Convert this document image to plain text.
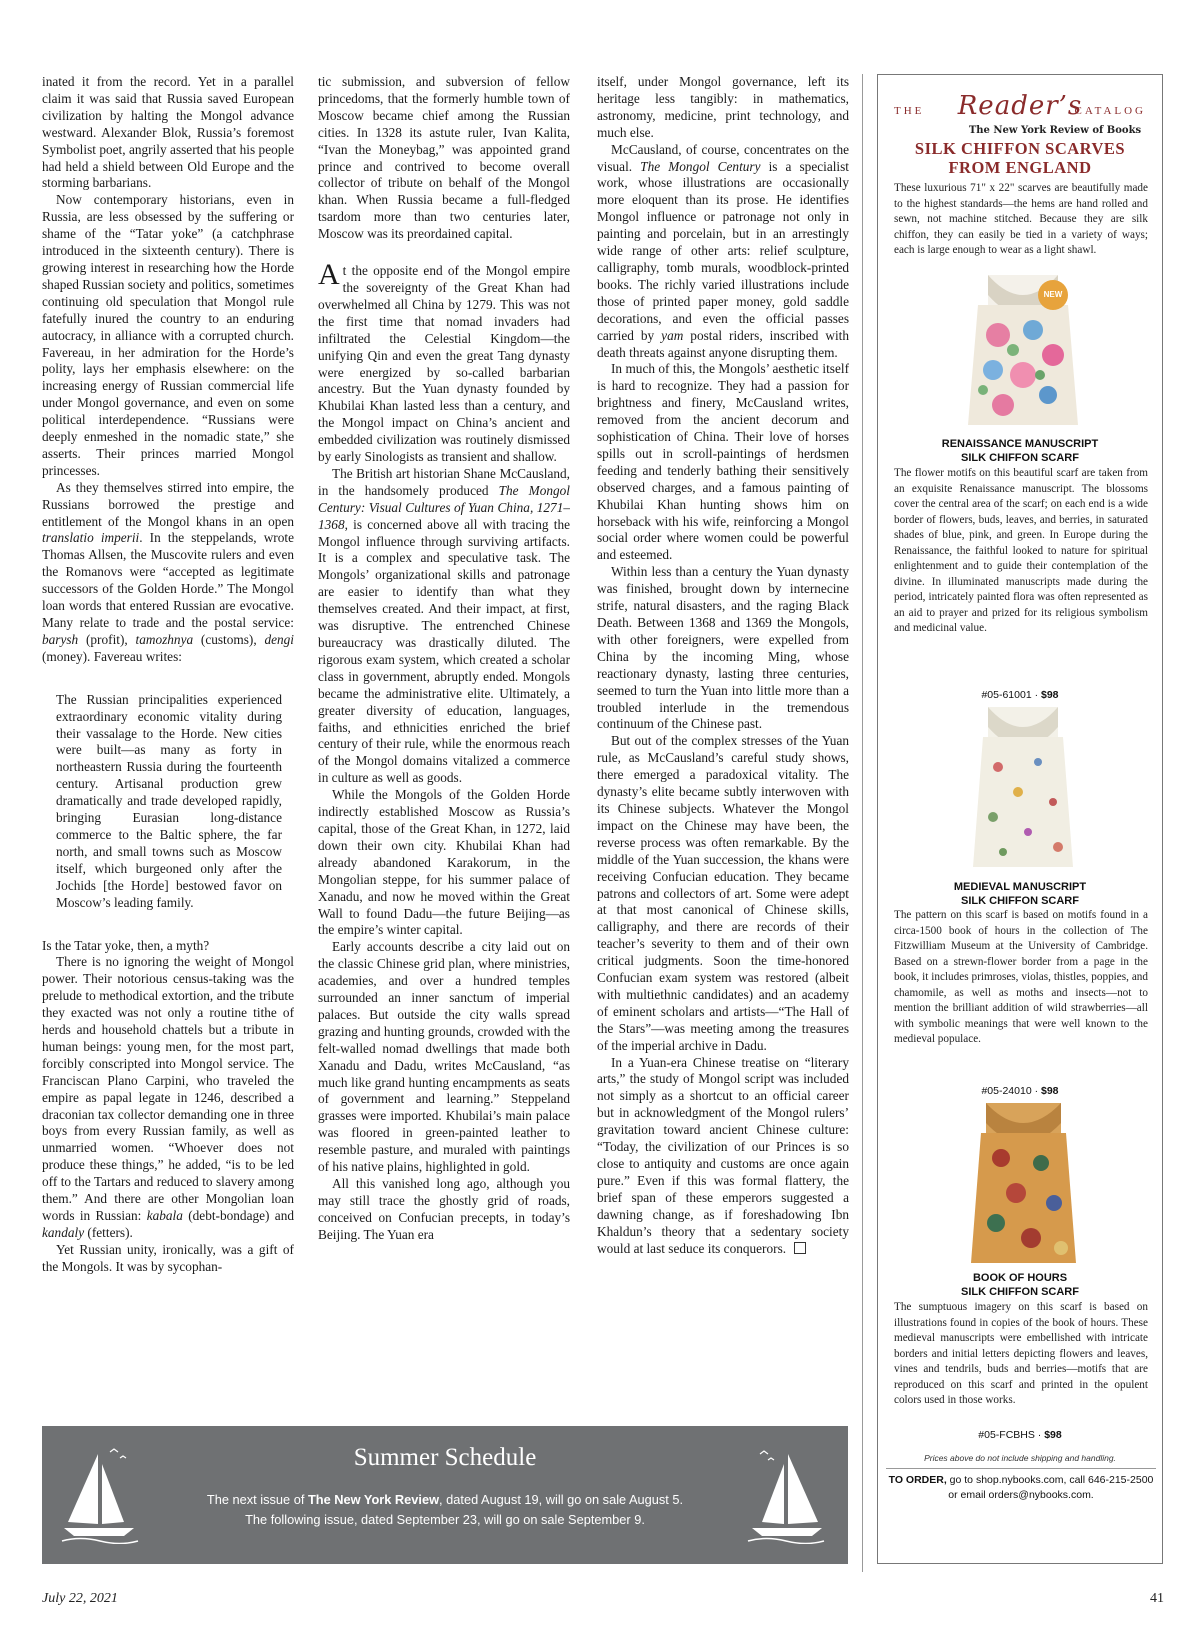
inated it from the record. Yet in a parallel claim it was said that Russia saved European civilization by halting the Mongol advance westward. Alexander Blok, Russia’s foremost Symbolist poet, angrily asserted that his people had held a shield between Old Europe and the storming barbarians.

Now contemporary historians, even in Russia, are less obsessed by the suffering or shame of the “Tatar yoke” (a catchphrase introduced in the sixteenth century). There is growing interest in researching how the Horde shaped Russian society and politics, sometimes continuing old speculation that Mongol rule fatefully inured the country to an enduring autocracy, in alliance with a corrupted church. Favereau, in her admiration for the Horde’s polity, lays her emphasis elsewhere: on the increasing energy of Russian commercial life under Mongol governance, and even on some political interdependence. “Russians were deeply enmeshed in the nomadic state,” she asserts. Their princes married Mongol princesses.

As they themselves stirred into empire, the Russians borrowed the prestige and entitlement of the Mongol khans in an open translatio imperii. In the steppelands, wrote Thomas Allsen, the Muscovite rulers and even the Romanovs were “accepted as legitimate successors of the Golden Horde.” The Mongol loan words that entered Russian are evocative. Many relate to trade and the postal service: barysh (profit), tamozhnya (customs), dengi (money). Favereau writes:

The Russian principalities experienced extraordinary economic vitality during their vassalage to the Horde. New cities were built—as many as forty in northeastern Russia during the fourteenth century. Artisanal production grew dramatically and trade developed rapidly, bringing Eurasian long-distance commerce to the Baltic sphere, the far north, and small towns such as Moscow itself, which burgeoned only after the Jochids [the Horde] bestowed favor on Moscow’s leading family.

Is the Tatar yoke, then, a myth?

There is no ignoring the weight of Mongol power. Their notorious census-taking was the prelude to methodical extortion, and the tribute they exacted was not only a routine tithe of herds and household chattels but a tribute in human beings: young men, for the most part, forcibly conscripted into Mongol service. The Franciscan Plano Carpini, who traveled the empire as papal legate in 1246, described a draconian tax collector demanding one in three boys from every Russian family, as well as unmarried women. “Whoever does not produce these things,” he added, “is to be led off to the Tartars and reduced to slavery among them.” And there are other Mongolian loan words in Russian: kabala (debt-bondage) and kandaly (fetters).

Yet Russian unity, ironically, was a gift of the Mongols. It was by sycophan-

tic submission, and subversion of fellow princedoms, that the formerly humble town of Moscow became chief among the Russian cities. In 1328 its astute ruler, Ivan Kalita, “Ivan the Moneybag,” was appointed grand prince and contrived to become overall collector of tribute on behalf of the Mongol khan. When Russia became a full-fledged tsardom more than two centuries later, Moscow was its preordained capital.

At the opposite end of the Mongol empire the sovereignty of the Great Khan had overwhelmed all China by 1279. This was not the first time that nomad invaders had infiltrated the Celestial Kingdom—the unifying Qin and even the great Tang dynasty were energized by so-called barbarian ancestry. But the Yuan dynasty founded by Khubilai Khan lasted less than a century, and the Mongol impact on China’s ancient and embedded civilization was routinely dismissed by early Sinologists as transient and shallow.

The British art historian Shane McCausland, in the handsomely produced The Mongol Century: Visual Cultures of Yuan China, 1271–1368, is concerned above all with tracing the Mongol influence through surviving artifacts. It is a complex and speculative task. The Mongols’ organizational skills and patronage are easier to identify than what they themselves created. And their impact, at first, was disruptive. The entrenched Chinese bureaucracy was drastically diluted. The rigorous exam system, which created a scholar class in government, abruptly ended. Mongols became the administrative elite. Ultimately, a greater diversity of education, languages, faiths, and ethnicities enriched the brief century of their rule, while the enormous reach of the Mongol domains vitalized a commerce in culture as well as goods.

While the Mongols of the Golden Horde indirectly established Moscow as Russia’s capital, those of the Great Khan, in 1272, laid down their own city. Khubilai Khan had already abandoned Karakorum, in the Mongolian steppe, for his summer palace of Xanadu, and now he moved within the Great Wall to found Dadu—the future Beijing—as the empire’s winter capital.

Early accounts describe a city laid out on the classic Chinese grid plan, where ministries, academies, and over a hundred temples surrounded an inner sanctum of imperial palaces. But outside the city walls spread grazing and hunting grounds, crowded with the felt-walled nomad dwellings that made both Xanadu and Dadu, writes McCausland, “as much like grand hunting encampments as seats of government and learning.” Steppeland grasses were imported. Khubilai’s main palace was floored in green-painted leather to resemble pasture, and muraled with paintings of his native plains, highlighted in gold.

All this vanished long ago, although you may still trace the ghostly grid of roads, conceived on Confucian precepts, in today’s Beijing. The Yuan era

itself, under Mongol governance, left its heritage less tangibly: in mathematics, astronomy, medicine, print technology, and much else.

McCausland, of course, concentrates on the visual. The Mongol Century is a specialist work, whose illustrations are occasionally more eloquent than its prose. He identifies Mongol influence or patronage not only in painting and porcelain, but in an arrestingly wide range of other arts: relief sculpture, calligraphy, tomb murals, woodblock-printed books. The richly varied illustrations include those of printed paper money, gold saddle decorations, and even the official passes carried by yam postal riders, inscribed with death threats against anyone disrupting them.

In much of this, the Mongols’ aesthetic itself is hard to recognize. They had a passion for brightness and finery, McCausland writes, removed from the ancient decorum and sophistication of China. Their love of horses spills out in scroll-paintings of herdsmen feeding and tenderly bathing their sensitively observed charges, and a famous painting of Khubilai Khan hunting shows him on horseback with his wife, reinforcing a Mongol social order where women could be powerful and esteemed.

Within less than a century the Yuan dynasty was finished, brought down by internecine strife, natural disasters, and the raging Black Death. Between 1368 and 1369 the Mongols, with other foreigners, were expelled from China by the incoming Ming, whose reactionary dynasty, lasting three centuries, seemed to turn the Yuan into little more than a troubled interlude in the tremendous continuum of the Chinese past.

But out of the complex stresses of the Yuan rule, as McCausland’s careful study shows, there emerged a paradoxical vitality. The dynasty’s elite became subtly interwoven with its Chinese subjects. Whatever the Mongol impact on the Chinese may have been, the reverse process was often remarkable. By the middle of the Yuan succession, the khans were receiving Confucian education. They became patrons and collectors of art. Some were adept at that most canonical of Chinese skills, calligraphy, and there are records of their teacher’s severity to them and of their own critical judgments. Soon the time-honored Confucian exam system was restored (albeit with multiethnic candidates) and an academy of eminent scholars and artists—“The Hall of the Stars”—was meeting among the treasures of the imperial archive in Dadu.

In a Yuan-era Chinese treatise on “literary arts,” the study of Mongol script was included not simply as a shortcut to an official career but in acknowledgment of the Mongol rulers’ gravitation toward ancient Chinese culture: “Today, the civilization of our Princes is so close to antiquity and customs are once again pure.” Even if this was formal flattery, the brief span of these emperors suggested a dawning change, as if foreshadowing Ibn Khaldun’s theory that a sedentary society would at last seduce its conquerors.

THE	Reader’s
CATALOG
The New York Review of Books
SILK CHIFFON SCARVES
FROM ENGLAND
These luxurious 71" x 22" scarves are beautifully made to the highest standards—the hems are hand rolled and sewn, not machine stitched. Because they are silk chiffon, they can easily be tied in a variety of ways; each is large enough to wear as a light shawl.
NEW
RENAISSANCE MANUSCRIPT
SILK CHIFFON SCARF
The flower motifs on this beautiful scarf are taken from an exquisite Renaissance manuscript. The blossoms cover the central area of the scarf; on each end is a wide border of flowers, buds, leaves, and berries, in saturated shades of blue, pink, and green. In Europe during the Renaissance, the faithful looked to nature for spiritual enlightenment and to guide their contemplation of the divine. In illuminated manuscripts made during the period, intricately painted flora was often represented as an aid to prayer and prized for its religious symbolism and medicinal value.
#05-61001 · $98
MEDIEVAL MANUSCRIPT
SILK CHIFFON SCARF
The pattern on this scarf is based on motifs found in a circa-1500 book of hours in the collection of The Fitzwilliam Museum at the University of Cambridge. Based on a strewn-flower border from a page in the book, it includes primroses, violas, thistles, poppies, and chamomile, as well as moths and insects—not to mention the brilliant addition of wild strawberries—all with symbolic meanings that were well known to the medieval populace.
#05-24010 · $98
BOOK OF HOURS
SILK CHIFFON SCARF
The sumptuous imagery on this scarf is based on illustrations found in copies of the book of hours. These medieval manuscripts were embellished with intricate borders and initial letters depicting flowers and leaves, vines and tendrils, buds and berries—motifs that are reproduced on this scarf and printed in the opulent colors used in those works.
#05-FCBHS · $98
Prices above do not include shipping and handling.
TO ORDER, go to shop.nybooks.com, call 646-215-2500 or email orders@nybooks.com.
Summer Schedule
The next issue of The New York Review, dated August 19, will go on sale August 5.
The following issue, dated September 23, will go on sale September 9.
July 22, 2021	41
